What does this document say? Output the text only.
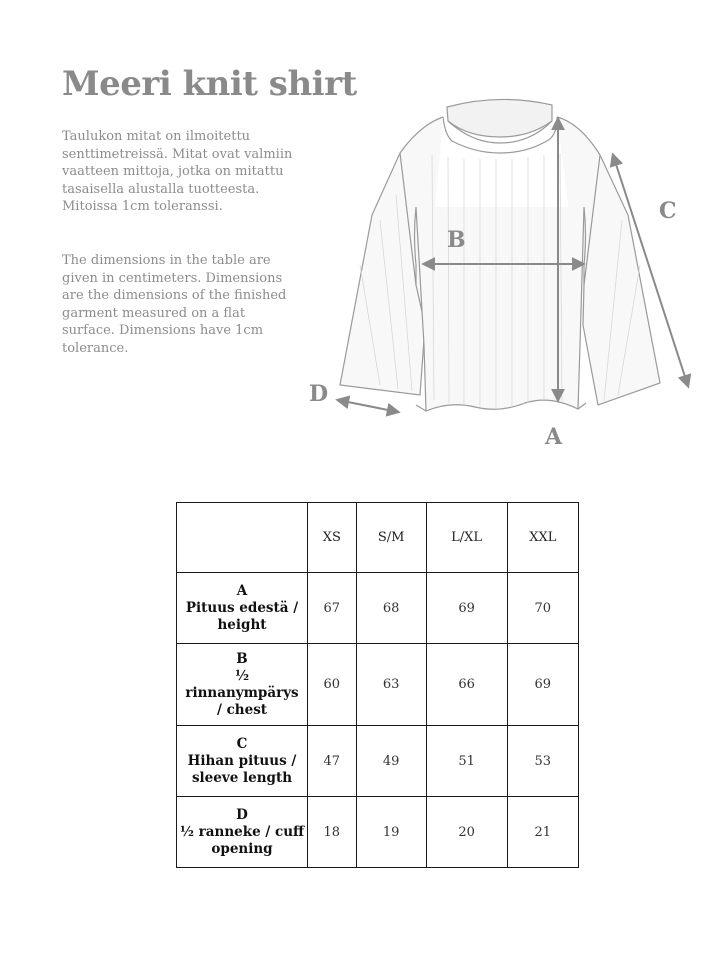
Meeri knit shirt

Taulukon mitat on ilmoitettu senttimetreissä. Mitat ovat valmiin vaatteen mittoja, jotka on mitattu tasaisella alustalla tuotteesta. Mitoissa 1cm toleranssi.

The dimensions in the table are given in centimeters. Dimensions are the dimensions of the finished garment measured on a flat surface. Dimensions have 1cm tolerance.

B
C
D
A
	XS	S/M	L/XL	XXL

A
Pituus edestä / height	67	68	69	70

B
½ rinnanympärys / chest	60	63	66	69

C
Hihan pituus / sleeve length	47	49	51	53

D
½ ranneke / cuff opening	18	19	20	21
